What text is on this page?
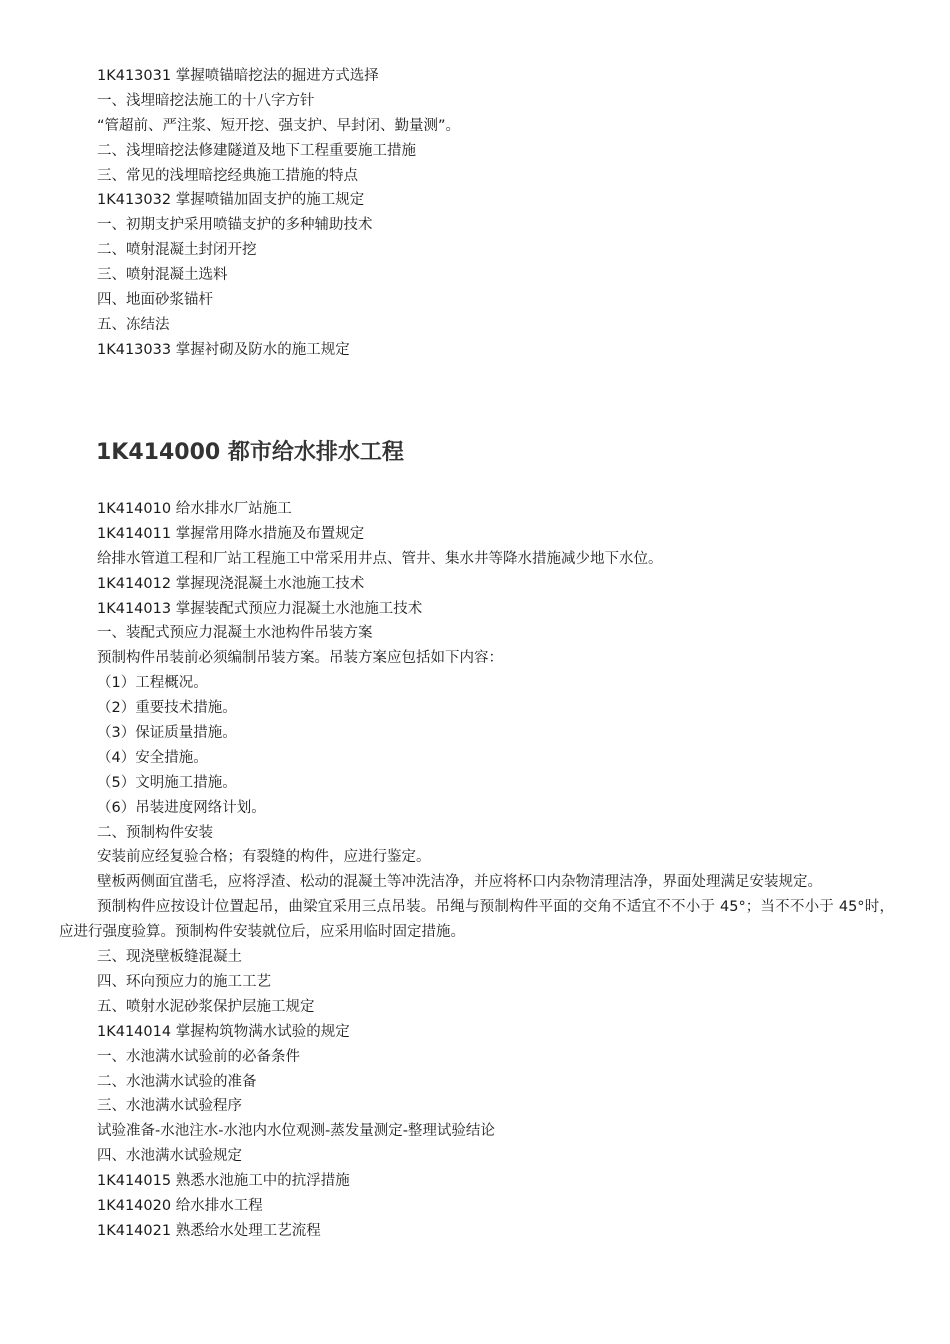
1K413031 掌握喷锚暗挖法的掘进方式选择
一、浅埋暗挖法施工的十八字方针
“管超前、严注浆、短开挖、强支护、早封闭、勤量测”。
二、浅埋暗挖法修建隧道及地下工程重要施工措施
三、常见的浅埋暗挖经典施工措施的特点
1K413032 掌握喷锚加固支护的施工规定
一、初期支护采用喷锚支护的多种辅助技术
二、喷射混凝土封闭开挖
三、喷射混凝土选料
四、地面砂浆锚杆
五、冻结法
1K413033 掌握衬砌及防水的施工规定
1K414000 都市给水排水工程
1K414010 给水排水厂站施工
1K414011 掌握常用降水措施及布置规定
给排水管道工程和厂站工程施工中常采用井点、管井、集水井等降水措施减少地下水位。
1K414012 掌握现浇混凝土水池施工技术
1K414013 掌握装配式预应力混凝土水池施工技术
一、装配式预应力混凝土水池构件吊装方案
预制构件吊装前必须编制吊装方案。吊装方案应包括如下内容：
（1）工程概况。
（2）重要技术措施。
（3）保证质量措施。
（4）安全措施。
（5）文明施工措施。
（6）吊装进度网络计划。
二、预制构件安装
安装前应经复验合格；有裂缝的构件，应进行鉴定。
壁板两侧面宜凿毛，应将浮渣、松动的混凝土等冲洗洁净，并应将杯口内杂物清理洁净，界面处理满足安装规定。
预制构件应按设计位置起吊，曲梁宜采用三点吊装。吊绳与预制构件平面的交角不适宜不不小于 45°；当不不小于 45°时，应进行强度验算。预制构件安装就位后，应采用临时固定措施。
三、现浇壁板缝混凝土
四、环向预应力的施工工艺
五、喷射水泥砂浆保护层施工规定
1K414014 掌握构筑物满水试验的规定
一、水池满水试验前的必备条件
二、水池满水试验的准备
三、水池满水试验程序
试验准备-水池注水-水池内水位观测-蒸发量测定-整理试验结论
四、水池满水试验规定
1K414015 熟悉水池施工中的抗浮措施
1K414020 给水排水工程
1K414021 熟悉给水处理工艺流程
